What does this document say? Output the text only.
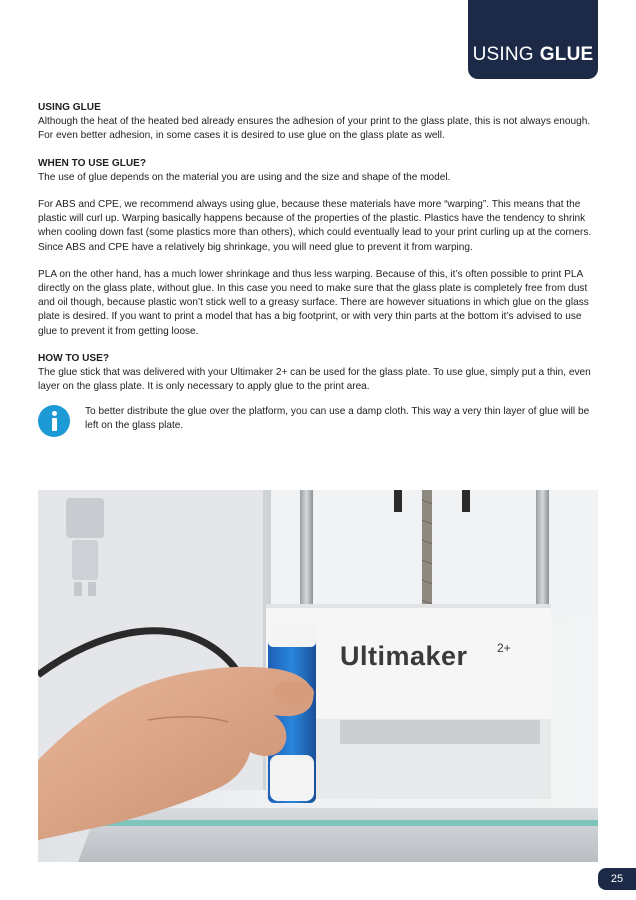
USING GLUE
USING GLUE

Although the heat of the heated bed already ensures the adhesion of your print to the glass plate, this is not always enough. For even better adhesion, in some cases it is desired to use glue on the glass plate as well.

WHEN TO USE GLUE?

The use of glue depends on the material you are using and the size and shape of the model.

For ABS and CPE, we recommend always using glue, because these materials have more “warping”. This means that the plastic will curl up. Warping basically happens because of the properties of the plastic. Plastics have the tendency to shrink when cooling down fast (some plastics more than others), which could eventually lead to your print curling up at the corners. Since ABS and CPE have a relatively big shrinkage, you will need glue to prevent it from warping.

PLA on the other hand, has a much lower shrinkage and thus less warping. Because of this, it’s often possible to print PLA directly on the glass plate, without glue. In this case you need to make sure that the glass plate is completely free from dust and oil though, because plastic won’t stick well to a greasy surface. There are however situations in which glue on the glass plate is desired. If you want to print a model that has a big footprint, or with very thin parts at the bottom it’s advised to use glue to prevent it from getting loose.

HOW TO USE?

The glue stick that was delivered with your Ultimaker 2+ can be used for the glass plate. To use glue, simply put a thin, even layer on the glass plate. It is only necessary to apply glue to the print area.

To better distribute the glue over the platform, you can use a damp cloth. This way a very thin layer of glue will be left on the glass plate.
Ultimaker 2+
25
